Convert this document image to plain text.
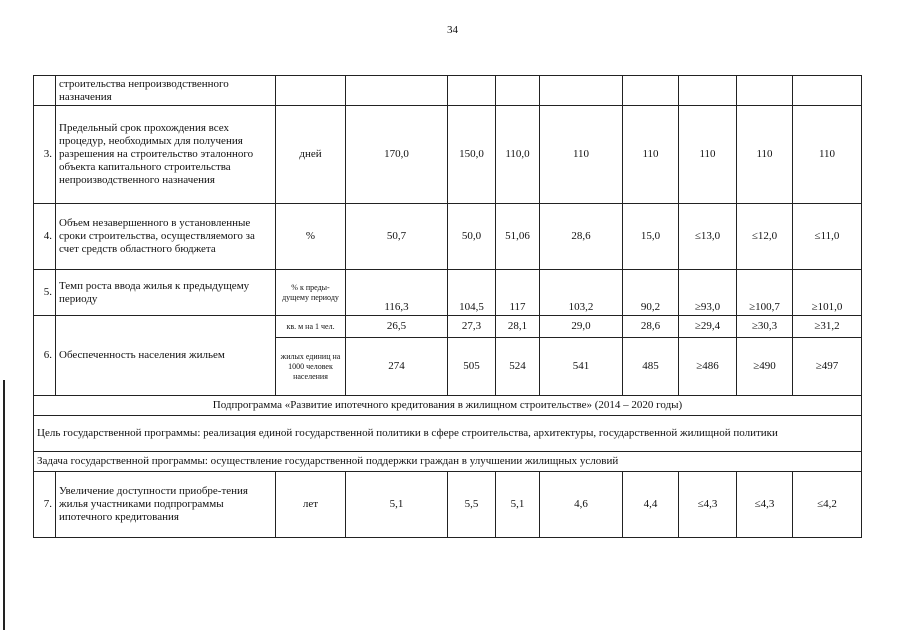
34
	строительства непроизводственного назначения									
3.	Предельный срок прохождения всех процедур, необходимых для получения разрешения на строительство эталонного объекта капитального строительства непроизводственного назначения	дней	170,0	150,0	110,0	110	110	110	110	110
4.	Объем незавершенного в установленные сроки строительства, осуществляемого за счет средств областного бюджета	%	50,7	50,0	51,06	28,6	15,0	≤13,0	≤12,0	≤11,0
5.	Темп роста ввода жилья к предыдущему периоду	% к преды-дущему периоду	116,3	104,5	117	103,2	90,2	≥93,0	≥100,7	≥101,0
6.	Обеспеченность населения жильем	кв. м на 1 чел.	26,5	27,3	28,1	29,0	28,6	≥29,4	≥30,3	≥31,2
		жилых единиц на 1000 человек населения	274	505	524	541	485	≥486	≥490	≥497
Подпрограмма «Развитие ипотечного кредитования в жилищном строительстве» (2014 – 2020 годы)										
Цель государственной программы: реализация единой государственной политики в сфере строительства, архитектуры, государственной жилищной политики										
Задача государственной программы: осуществление государственной поддержки граждан в улучшении жилищных условий										
7.	Увеличение доступности приобре-тения жилья участниками подпрограммы ипотечного кредитования	лет	5,1	5,5	5,1	4,6	4,4	≤4,3	≤4,3	≤4,2
